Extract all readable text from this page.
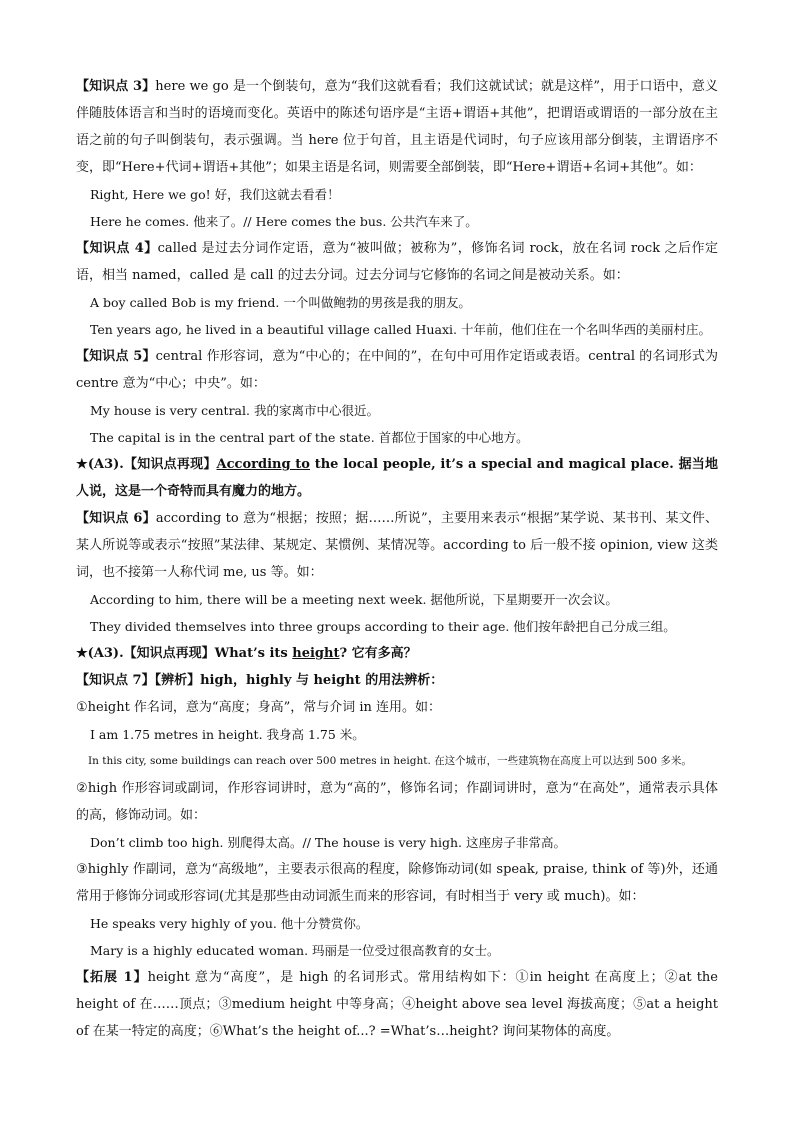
【知识点 3】here we go 是一个倒装句，意为“我们这就看看；我们这就试试；就是这样”，用于口语中，意义伴随肢体语言和当时的语境而变化。英语中的陈述句语序是“主语+谓语+其他”，把谓语或谓语的一部分放在主语之前的句子叫倒装句，表示强调。当 here 位于句首，且主语是代词时，句子应该用部分倒装，主谓语序不变，即“Here+代词+谓语+其他”；如果主语是名词，则需要全部倒装，即“Here+谓语+名词+其他”。如：

Right, Here we go! 好，我们这就去看看！

Here he comes. 他来了。// Here comes the bus. 公共汽车来了。

【知识点 4】called 是过去分词作定语，意为“被叫做；被称为”，修饰名词 rock，放在名词 rock 之后作定语，相当 named，called 是 call 的过去分词。过去分词与它修饰的名词之间是被动关系。如：

A boy called Bob is my friend. 一个叫做鲍勃的男孩是我的朋友。

Ten years ago, he lived in a beautiful village called Huaxi. 十年前，他们住在一个名叫华西的美丽村庄。

【知识点 5】central 作形容词，意为“中心的；在中间的”，在句中可用作定语或表语。central 的名词形式为 centre 意为“中心；中央”。如：

My house is very central. 我的家离市中心很近。

The capital is in the central part of the state. 首都位于国家的中心地方。

★(A3).【知识点再现】According to the local people, it’s a special and magical place. 据当地人说，这是一个奇特而具有魔力的地方。

【知识点 6】according to 意为“根据；按照；据……所说”，主要用来表示“根据”某学说、某书刊、某文件、某人所说等或表示“按照”某法律、某规定、某惯例、某情况等。according to 后一般不接 opinion, view 这类词，也不接第一人称代词 me, us 等。如：

According to him, there will be a meeting next week. 据他所说，下星期要开一次会议。

They divided themselves into three groups according to their age. 他们按年龄把自己分成三组。

★(A3).【知识点再现】What’s its height? 它有多高？

【知识点 7】【辨析】high，highly 与 height 的用法辨析：

①height 作名词，意为“高度；身高”，常与介词 in 连用。如：

I am 1.75 metres in height. 我身高 1.75 米。

In this city, some buildings can reach over 500 metres in height. 在这个城市，一些建筑物在高度上可以达到 500 多米。

②high 作形容词或副词，作形容词讲时，意为“高的”，修饰名词；作副词讲时，意为“在高处”，通常表示具体的高，修饰动词。如：

Don’t climb too high. 别爬得太高。// The house is very high. 这座房子非常高。

③highly 作副词，意为“高级地”，主要表示很高的程度，除修饰动词(如 speak, praise, think of 等)外，还通常用于修饰分词或形容词(尤其是那些由动词派生而来的形容词，有时相当于 very 或 much)。如：

He speaks very highly of you. 他十分赞赏你。

Mary is a highly educated woman. 玛丽是一位受过很高教育的女士。

【拓展 1】height 意为“高度”，是 high 的名词形式。常用结构如下：①in height 在高度上；②at the height of 在……顶点；③medium height 中等身高；④height above sea level 海拔高度；⑤at a height of 在某一特定的高度；⑥What’s the height of...? =What’s…height? 询问某物体的高度。
